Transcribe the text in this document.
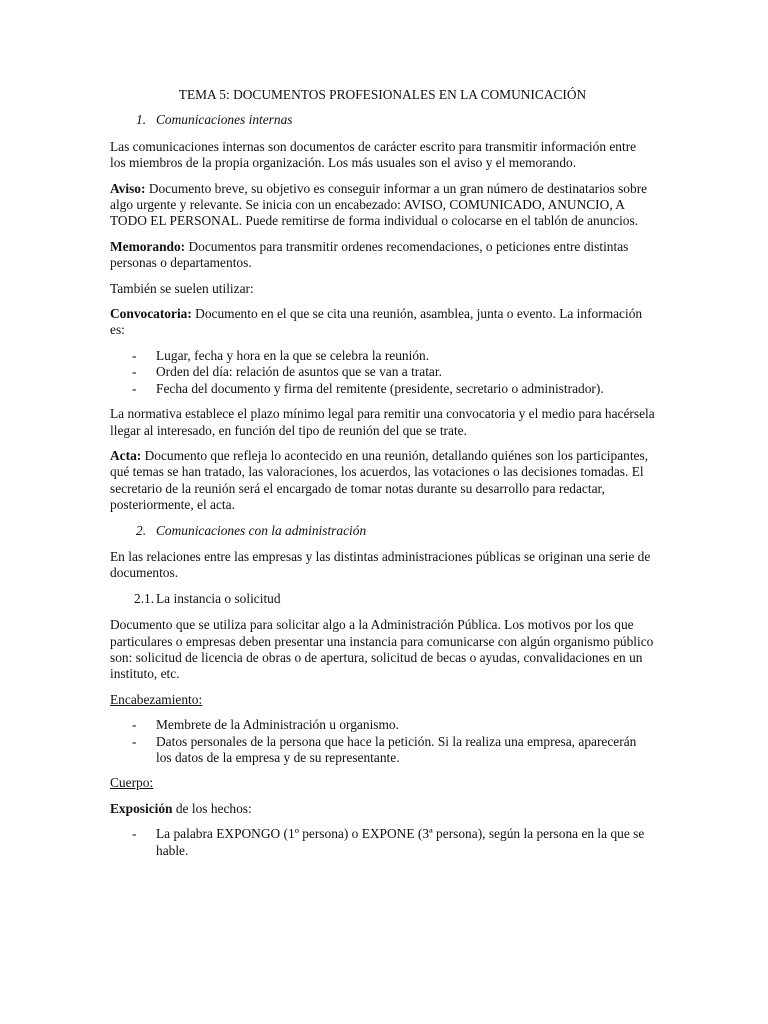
TEMA 5: DOCUMENTOS PROFESIONALES EN LA COMUNICACIÓN
1. Comunicaciones internas

Las comunicaciones internas son documentos de carácter escrito para transmitir información entre los miembros de la propia organización. Los más usuales son el aviso y el memorando.

Aviso: Documento breve, su objetivo es conseguir informar a un gran número de destinatarios sobre algo urgente y relevante. Se inicia con un encabezado: AVISO, COMUNICADO, ANUNCIO, A TODO EL PERSONAL. Puede remitirse de forma individual o colocarse en el tablón de anuncios.

Memorando: Documentos para transmitir ordenes recomendaciones, o peticiones entre distintas personas o departamentos.

También se suelen utilizar:

Convocatoria: Documento en el que se cita una reunión, asamblea, junta o evento. La información es:

-	Lugar, fecha y hora en la que se celebra la reunión.
-	Orden del día: relación de asuntos que se van a tratar.
-	Fecha del documento y firma del remitente (presidente, secretario o administrador).

La normativa establece el plazo mínimo legal para remitir una convocatoria y el medio para hacérsela llegar al interesado, en función del tipo de reunión del que se trate.

Acta: Documento que refleja lo acontecido en una reunión, detallando quiénes son los participantes, qué temas se han tratado, las valoraciones, los acuerdos, las votaciones o las decisiones tomadas. El secretario de la reunión será el encargado de tomar notas durante su desarrollo para redactar, posteriormente, el acta.

2. Comunicaciones con la administración

En las relaciones entre las empresas y las distintas administraciones públicas se originan una serie de documentos.

2.1. La instancia o solicitud

Documento que se utiliza para solicitar algo a la Administración Pública. Los motivos por los que particulares o empresas deben presentar una instancia para comunicarse con algún organismo público son: solicitud de licencia de obras o de apertura, solicitud de becas o ayudas, convalidaciones en un instituto, etc.

Encabezamiento:

-	Membrete de la Administración u organismo.
-	Datos personales de la persona que hace la petición. Si la realiza una empresa, aparecerán los datos de la empresa y de su representante.

Cuerpo:

Exposición de los hechos:

-	La palabra EXPONGO (1º persona) o EXPONE (3ª persona), según la persona en la que se hable.
